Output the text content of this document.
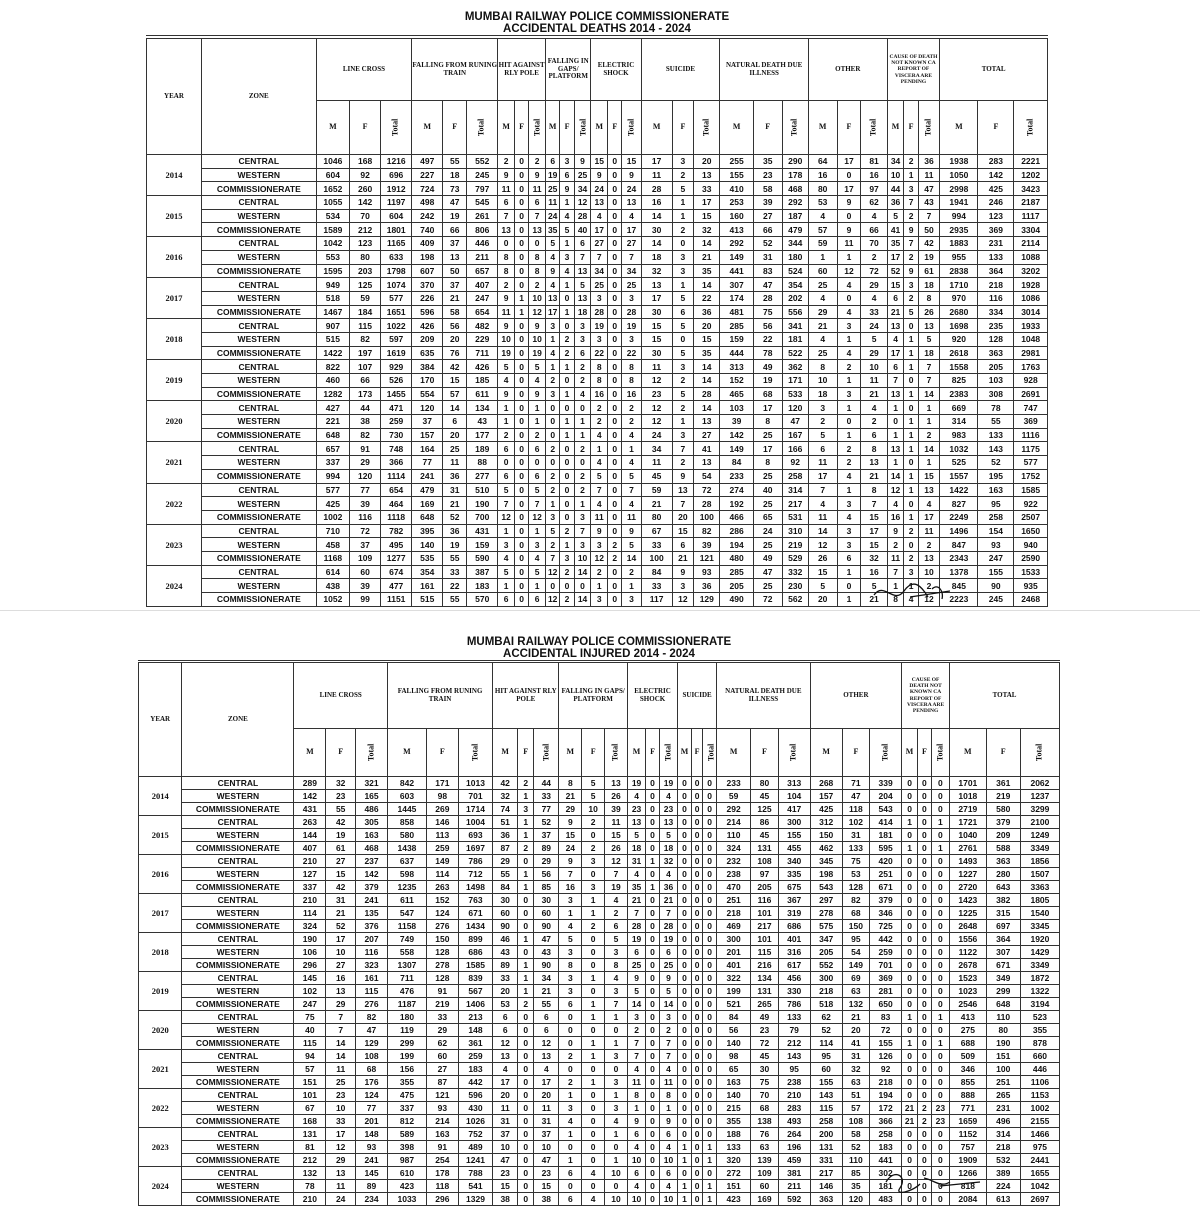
MUMBAI RAILWAY POLICE COMMISSIONERATE
ACCIDENTAL DEATHS 2014 - 2024
YEAR	ZONE	LINE CROSS			FALLING FROM RUNING TRAIN			HIT AGAINST RLY POLE			FALLING IN GAPS/ PLATFORM			ELECTRIC SHOCK			SUICIDE			NATURAL DEATH DUE ILLNESS			OTHER			CAUSE OF DEATH NOT KNOWN CA REPORT OF VISCERA ARE PENDING			TOTAL		
		M	F	Total	M	F	Total	M	F	Total	M	F	Total	M	F	Total	M	F	Total	M	F	Total	M	F	Total	M	F	Total	M	F	Total
2014	CENTRAL	1046	168	1216	497	55	552	2	0	2	6	3	9	15	0	15	17	3	20	255	35	290	64	17	81	34	2	36	1938	283	2221
	WESTERN	604	92	696	227	18	245	9	0	9	19	6	25	9	0	9	11	2	13	155	23	178	16	0	16	10	1	11	1050	142	1202
	COMMISSIONERATE	1652	260	1912	724	73	797	11	0	11	25	9	34	24	0	24	28	5	33	410	58	468	80	17	97	44	3	47	2998	425	3423
2015	CENTRAL	1055	142	1197	498	47	545	6	0	6	11	1	12	13	0	13	16	1	17	253	39	292	53	9	62	36	7	43	1941	246	2187
	WESTERN	534	70	604	242	19	261	7	0	7	24	4	28	4	0	4	14	1	15	160	27	187	4	0	4	5	2	7	994	123	1117
	COMMISSIONERATE	1589	212	1801	740	66	806	13	0	13	35	5	40	17	0	17	30	2	32	413	66	479	57	9	66	41	9	50	2935	369	3304
2016	CENTRAL	1042	123	1165	409	37	446	0	0	0	5	1	6	27	0	27	14	0	14	292	52	344	59	11	70	35	7	42	1883	231	2114
	WESTERN	553	80	633	198	13	211	8	0	8	4	3	7	7	0	7	18	3	21	149	31	180	1	1	2	17	2	19	955	133	1088
	COMMISSIONERATE	1595	203	1798	607	50	657	8	0	8	9	4	13	34	0	34	32	3	35	441	83	524	60	12	72	52	9	61	2838	364	3202
2017	CENTRAL	949	125	1074	370	37	407	2	0	2	4	1	5	25	0	25	13	1	14	307	47	354	25	4	29	15	3	18	1710	218	1928
	WESTERN	518	59	577	226	21	247	9	1	10	13	0	13	3	0	3	17	5	22	174	28	202	4	0	4	6	2	8	970	116	1086
	COMMISSIONERATE	1467	184	1651	596	58	654	11	1	12	17	1	18	28	0	28	30	6	36	481	75	556	29	4	33	21	5	26	2680	334	3014
2018	CENTRAL	907	115	1022	426	56	482	9	0	9	3	0	3	19	0	19	15	5	20	285	56	341	21	3	24	13	0	13	1698	235	1933
	WESTERN	515	82	597	209	20	229	10	0	10	1	2	3	3	0	3	15	0	15	159	22	181	4	1	5	4	1	5	920	128	1048
	COMMISSIONERATE	1422	197	1619	635	76	711	19	0	19	4	2	6	22	0	22	30	5	35	444	78	522	25	4	29	17	1	18	2618	363	2981
2019	CENTRAL	822	107	929	384	42	426	5	0	5	1	1	2	8	0	8	11	3	14	313	49	362	8	2	10	6	1	7	1558	205	1763
	WESTERN	460	66	526	170	15	185	4	0	4	2	0	2	8	0	8	12	2	14	152	19	171	10	1	11	7	0	7	825	103	928
	COMMISSIONERATE	1282	173	1455	554	57	611	9	0	9	3	1	4	16	0	16	23	5	28	465	68	533	18	3	21	13	1	14	2383	308	2691
2020	CENTRAL	427	44	471	120	14	134	1	0	1	0	0	0	2	0	2	12	2	14	103	17	120	3	1	4	1	0	1	669	78	747
	WESTERN	221	38	259	37	6	43	1	0	1	0	1	1	2	0	2	12	1	13	39	8	47	2	0	2	0	1	1	314	55	369
	COMMISSIONERATE	648	82	730	157	20	177	2	0	2	0	1	1	4	0	4	24	3	27	142	25	167	5	1	6	1	1	2	983	133	1116
2021	CENTRAL	657	91	748	164	25	189	6	0	6	2	0	2	1	0	1	34	7	41	149	17	166	6	2	8	13	1	14	1032	143	1175
	WESTERN	337	29	366	77	11	88	0	0	0	0	0	0	4	0	4	11	2	13	84	8	92	11	2	13	1	0	1	525	52	577
	COMMISSIONERATE	994	120	1114	241	36	277	6	0	6	2	0	2	5	0	5	45	9	54	233	25	258	17	4	21	14	1	15	1557	195	1752
2022	CENTRAL	577	77	654	479	31	510	5	0	5	2	0	2	7	0	7	59	13	72	274	40	314	7	1	8	12	1	13	1422	163	1585
	WESTERN	425	39	464	169	21	190	7	0	7	1	0	1	4	0	4	21	7	28	192	25	217	4	3	7	4	0	4	827	95	922
	COMMISSIONERATE	1002	116	1118	648	52	700	12	0	12	3	0	3	11	0	11	80	20	100	466	65	531	11	4	15	16	1	17	2249	258	2507
2023	CENTRAL	710	72	782	395	36	431	1	0	1	5	2	7	9	0	9	67	15	82	286	24	310	14	3	17	9	2	11	1496	154	1650
	WESTERN	458	37	495	140	19	159	3	0	3	2	1	3	3	2	5	33	6	39	194	25	219	12	3	15	2	0	2	847	93	940
	COMMISSIONERATE	1168	109	1277	535	55	590	4	0	4	7	3	10	12	2	14	100	21	121	480	49	529	26	6	32	11	2	13	2343	247	2590
2024	CENTRAL	614	60	674	354	33	387	5	0	5	12	2	14	2	0	2	84	9	93	285	47	332	15	1	16	7	3	10	1378	155	1533
	WESTERN	438	39	477	161	22	183	1	0	1	0	0	0	1	0	1	33	3	36	205	25	230	5	0	5	1	1	2	845	90	935
	COMMISSIONERATE	1052	99	1151	515	55	570	6	0	6	12	2	14	3	0	3	117	12	129	490	72	562	20	1	21	8	4	12	2223	245	2468
MUMBAI RAILWAY POLICE COMMISSIONERATE
ACCIDENTAL INJURED 2014 - 2024
YEAR	ZONE	LINE CROSS			FALLING FROM RUNING TRAIN			HIT AGAINST RLY POLE			FALLING IN GAPS/ PLATFORM			ELECTRIC SHOCK			SUICIDE			NATURAL DEATH DUE ILLNESS			OTHER			CAUSE OF DEATH NOT KNOWN CA REPORT OF VISCERA ARE PENDING			TOTAL		
		M	F	Total	M	F	Total	M	F	Total	M	F	Total	M	F	Total	M	F	Total	M	F	Total	M	F	Total	M	F	Total	M	F	Total
2014	CENTRAL	289	32	321	842	171	1013	42	2	44	8	5	13	19	0	19	0	0	0	233	80	313	268	71	339	0	0	0	1701	361	2062
	WESTERN	142	23	165	603	98	701	32	1	33	21	5	26	4	0	4	0	0	0	59	45	104	157	47	204	0	0	0	1018	219	1237
	COMMISSIONERATE	431	55	486	1445	269	1714	74	3	77	29	10	39	23	0	23	0	0	0	292	125	417	425	118	543	0	0	0	2719	580	3299
2015	CENTRAL	263	42	305	858	146	1004	51	1	52	9	2	11	13	0	13	0	0	0	214	86	300	312	102	414	1	0	1	1721	379	2100
	WESTERN	144	19	163	580	113	693	36	1	37	15	0	15	5	0	5	0	0	0	110	45	155	150	31	181	0	0	0	1040	209	1249
	COMMISSIONERATE	407	61	468	1438	259	1697	87	2	89	24	2	26	18	0	18	0	0	0	324	131	455	462	133	595	1	0	1	2761	588	3349
2016	CENTRAL	210	27	237	637	149	786	29	0	29	9	3	12	31	1	32	0	0	0	232	108	340	345	75	420	0	0	0	1493	363	1856
	WESTERN	127	15	142	598	114	712	55	1	56	7	0	7	4	0	4	0	0	0	238	97	335	198	53	251	0	0	0	1227	280	1507
	COMMISSIONERATE	337	42	379	1235	263	1498	84	1	85	16	3	19	35	1	36	0	0	0	470	205	675	543	128	671	0	0	0	2720	643	3363
2017	CENTRAL	210	31	241	611	152	763	30	0	30	3	1	4	21	0	21	0	0	0	251	116	367	297	82	379	0	0	0	1423	382	1805
	WESTERN	114	21	135	547	124	671	60	0	60	1	1	2	7	0	7	0	0	0	218	101	319	278	68	346	0	0	0	1225	315	1540
	COMMISSIONERATE	324	52	376	1158	276	1434	90	0	90	4	2	6	28	0	28	0	0	0	469	217	686	575	150	725	0	0	0	2648	697	3345
2018	CENTRAL	190	17	207	749	150	899	46	1	47	5	0	5	19	0	19	0	0	0	300	101	401	347	95	442	0	0	0	1556	364	1920
	WESTERN	106	10	116	558	128	686	43	0	43	3	0	3	6	0	6	0	0	0	201	115	316	205	54	259	0	0	0	1122	307	1429
	COMMISSIONERATE	296	27	323	1307	278	1585	89	1	90	8	0	8	25	0	25	0	0	0	401	216	617	552	149	701	0	0	0	2678	671	3349
2019	CENTRAL	145	16	161	711	128	839	33	1	34	3	1	4	9	0	9	0	0	0	322	134	456	300	69	369	0	0	0	1523	349	1872
	WESTERN	102	13	115	476	91	567	20	1	21	3	0	3	5	0	5	0	0	0	199	131	330	218	63	281	0	0	0	1023	299	1322
	COMMISSIONERATE	247	29	276	1187	219	1406	53	2	55	6	1	7	14	0	14	0	0	0	521	265	786	518	132	650	0	0	0	2546	648	3194
2020	CENTRAL	75	7	82	180	33	213	6	0	6	0	1	1	3	0	3	0	0	0	84	49	133	62	21	83	1	0	1	413	110	523
	WESTERN	40	7	47	119	29	148	6	0	6	0	0	0	2	0	2	0	0	0	56	23	79	52	20	72	0	0	0	275	80	355
	COMMISSIONERATE	115	14	129	299	62	361	12	0	12	0	1	1	7	0	7	0	0	0	140	72	212	114	41	155	1	0	1	688	190	878
2021	CENTRAL	94	14	108	199	60	259	13	0	13	2	1	3	7	0	7	0	0	0	98	45	143	95	31	126	0	0	0	509	151	660
	WESTERN	57	11	68	156	27	183	4	0	4	0	0	0	4	0	4	0	0	0	65	30	95	60	32	92	0	0	0	346	100	446
	COMMISSIONERATE	151	25	176	355	87	442	17	0	17	2	1	3	11	0	11	0	0	0	163	75	238	155	63	218	0	0	0	855	251	1106
2022	CENTRAL	101	23	124	475	121	596	20	0	20	1	0	1	8	0	8	0	0	0	140	70	210	143	51	194	0	0	0	888	265	1153
	WESTERN	67	10	77	337	93	430	11	0	11	3	0	3	1	0	1	0	0	0	215	68	283	115	57	172	21	2	23	771	231	1002
	COMMISSIONERATE	168	33	201	812	214	1026	31	0	31	4	0	4	9	0	9	0	0	0	355	138	493	258	108	366	21	2	23	1659	496	2155
2023	CENTRAL	131	17	148	589	163	752	37	0	37	1	0	1	6	0	6	0	0	0	188	76	264	200	58	258	0	0	0	1152	314	1466
	WESTERN	81	12	93	398	91	489	10	0	10	0	0	0	4	0	4	1	0	1	133	63	196	131	52	183	0	0	0	757	218	975
	COMMISSIONERATE	212	29	241	987	254	1241	47	0	47	1	0	1	10	0	10	1	0	1	320	139	459	331	110	441	0	0	0	1909	532	2441
2024	CENTRAL	132	13	145	610	178	788	23	0	23	6	4	10	6	0	6	0	0	0	272	109	381	217	85	302	0	0	0	1266	389	1655
	WESTERN	78	11	89	423	118	541	15	0	15	0	0	0	4	0	4	1	0	1	151	60	211	146	35	181	0	0	0	818	224	1042
	COMMISSIONERATE	210	24	234	1033	296	1329	38	0	38	6	4	10	10	0	10	1	0	1	423	169	592	363	120	483	0	0	0	2084	613	2697
